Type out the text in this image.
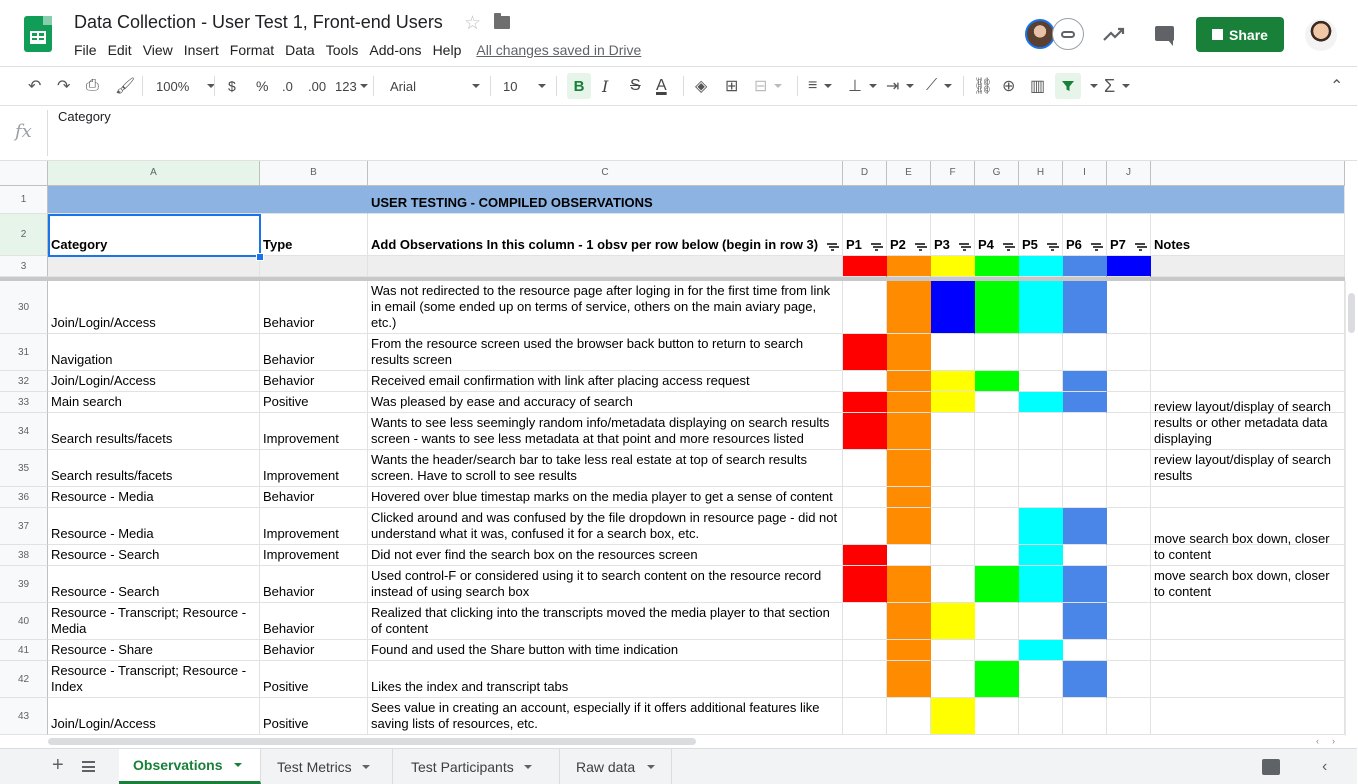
Data Collection - User Test 1, Front-end Users ☆
File Edit View Insert Format Data Tools Add-ons Help All changes saved in Drive
Share
↶ ↷ ⎙ 🖌 100%	$ % .0 .00 123	Arial	10	B	I S A ◈ ⊞ ⊟	≡	⊥	⇥	⟋	⛓ ⊕ ▥	Σ	⌃
fx
Category
A	B	C	D	E	F	G	H	I	J
1
2
3
USER TESTING - COMPILED OBSERVATIONS
Category	Type	Add Observations In this column - 1 obsv per row below (begin in row 3) P1 P2 P3 P4 P5 P6 P7 Notes
30
Join/Login/Access	Behavior
Was not redirected to the resource page after loging in for the first time from link in email (some ended up on terms of service, others on the main aviary page, etc.)
31	Navigation	Behavior
From the resource screen used the browser back button to return to search results screen
32	Join/Login/Access	Behavior	Received email confirmation with link after placing access request
33	Main search	Positive	Was pleased by ease and accuracy of search
34	Search results/facets	Improvement
Wants to see less seemingly random info/metadata displaying on search results screen - wants to see less metadata at that point and more resources listed
review layout/display of search results or other metadata data displaying
35	Search results/facets	Improvement
Wants the header/search bar to take less real estate at top of search results screen. Have to scroll to see results
review layout/display of search results
36	Resource - Media	Behavior	Hovered over blue timestap marks on the media player to get a sense of content
37	Resource - Media	Improvement
Clicked around and was confused by the file dropdown in resource page - did not understand what it was, confused it for a search box, etc.
38	Resource - Search	Improvement	Did not ever find the search box on the resources screen
move search box down, closer to content
39	Resource - Search	Behavior
Used control-F or considered using it to search content on the resource record instead of using search box
move search box down, closer to content
40
Resource - Transcript; Resource - Media	Behavior
Realized that clicking into the transcripts moved the media player to that section of content
41	Resource - Share	Behavior	Found and used the Share button with time indication
42
Resource - Transcript; Resource - Index	Positive	Likes the index and transcript tabs
43	Join/Login/Access	Positive
Sees value in creating an account, especially if it offers additional features like saving lists of resources, etc.
‹ ›
+	Observations	Test Metrics	Test Participants	Raw data	‹
